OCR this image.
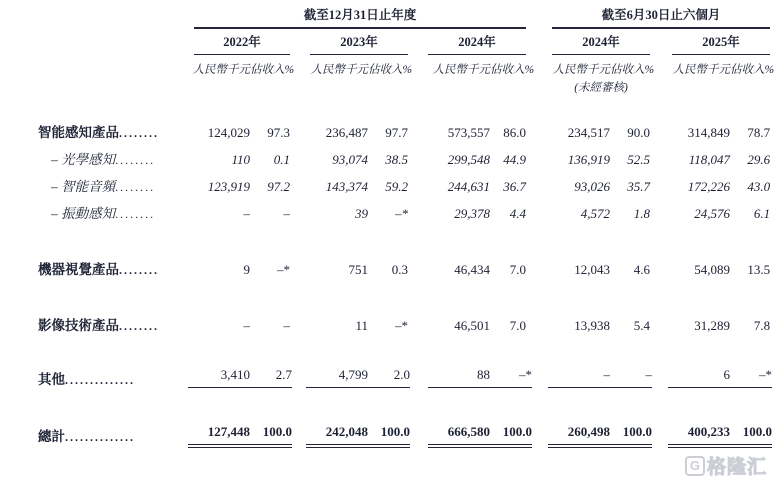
	截至12月31日止年度						截至6月30日止六個月			

	2022年		2023年		2024年		2024年		2025年	

	人民幣千元	佔收入%	人民幣千元	佔收入%	人民幣千元	佔收入%	人民幣千元	佔收入%	人民幣千元	佔收入%

							(未經審核)			

智能感知產品........	124,029	97.3	236,487	97.7	573,557	86.0	234,517	90.0	314,849	78.7
– 光學感知........	110	0.1	93,074	38.5	299,548	44.9	136,919	52.5	118,047	29.6
– 智能音頻........	123,919	97.2	143,374	59.2	244,631	36.7	93,026	35.7	172,226	43.0
– 振動感知........	–	–	39	–*	29,378	4.4	4,572	1.8	24,576	6.1
機器視覺產品........	9	–*	751	0.3	46,434	7.0	12,043	4.6	54,089	13.5
影像技術產品........	–	–	11	–*	46,501	7.0	13,938	5.4	31,289	7.8
其他..............	3,410	2.7	4,799	2.0	88	–*	–	–	6	–*
總計..............	127,448	100.0	242,048	100.0	666,580	100.0	260,498	100.0	400,233	100.0
G 格隆汇
